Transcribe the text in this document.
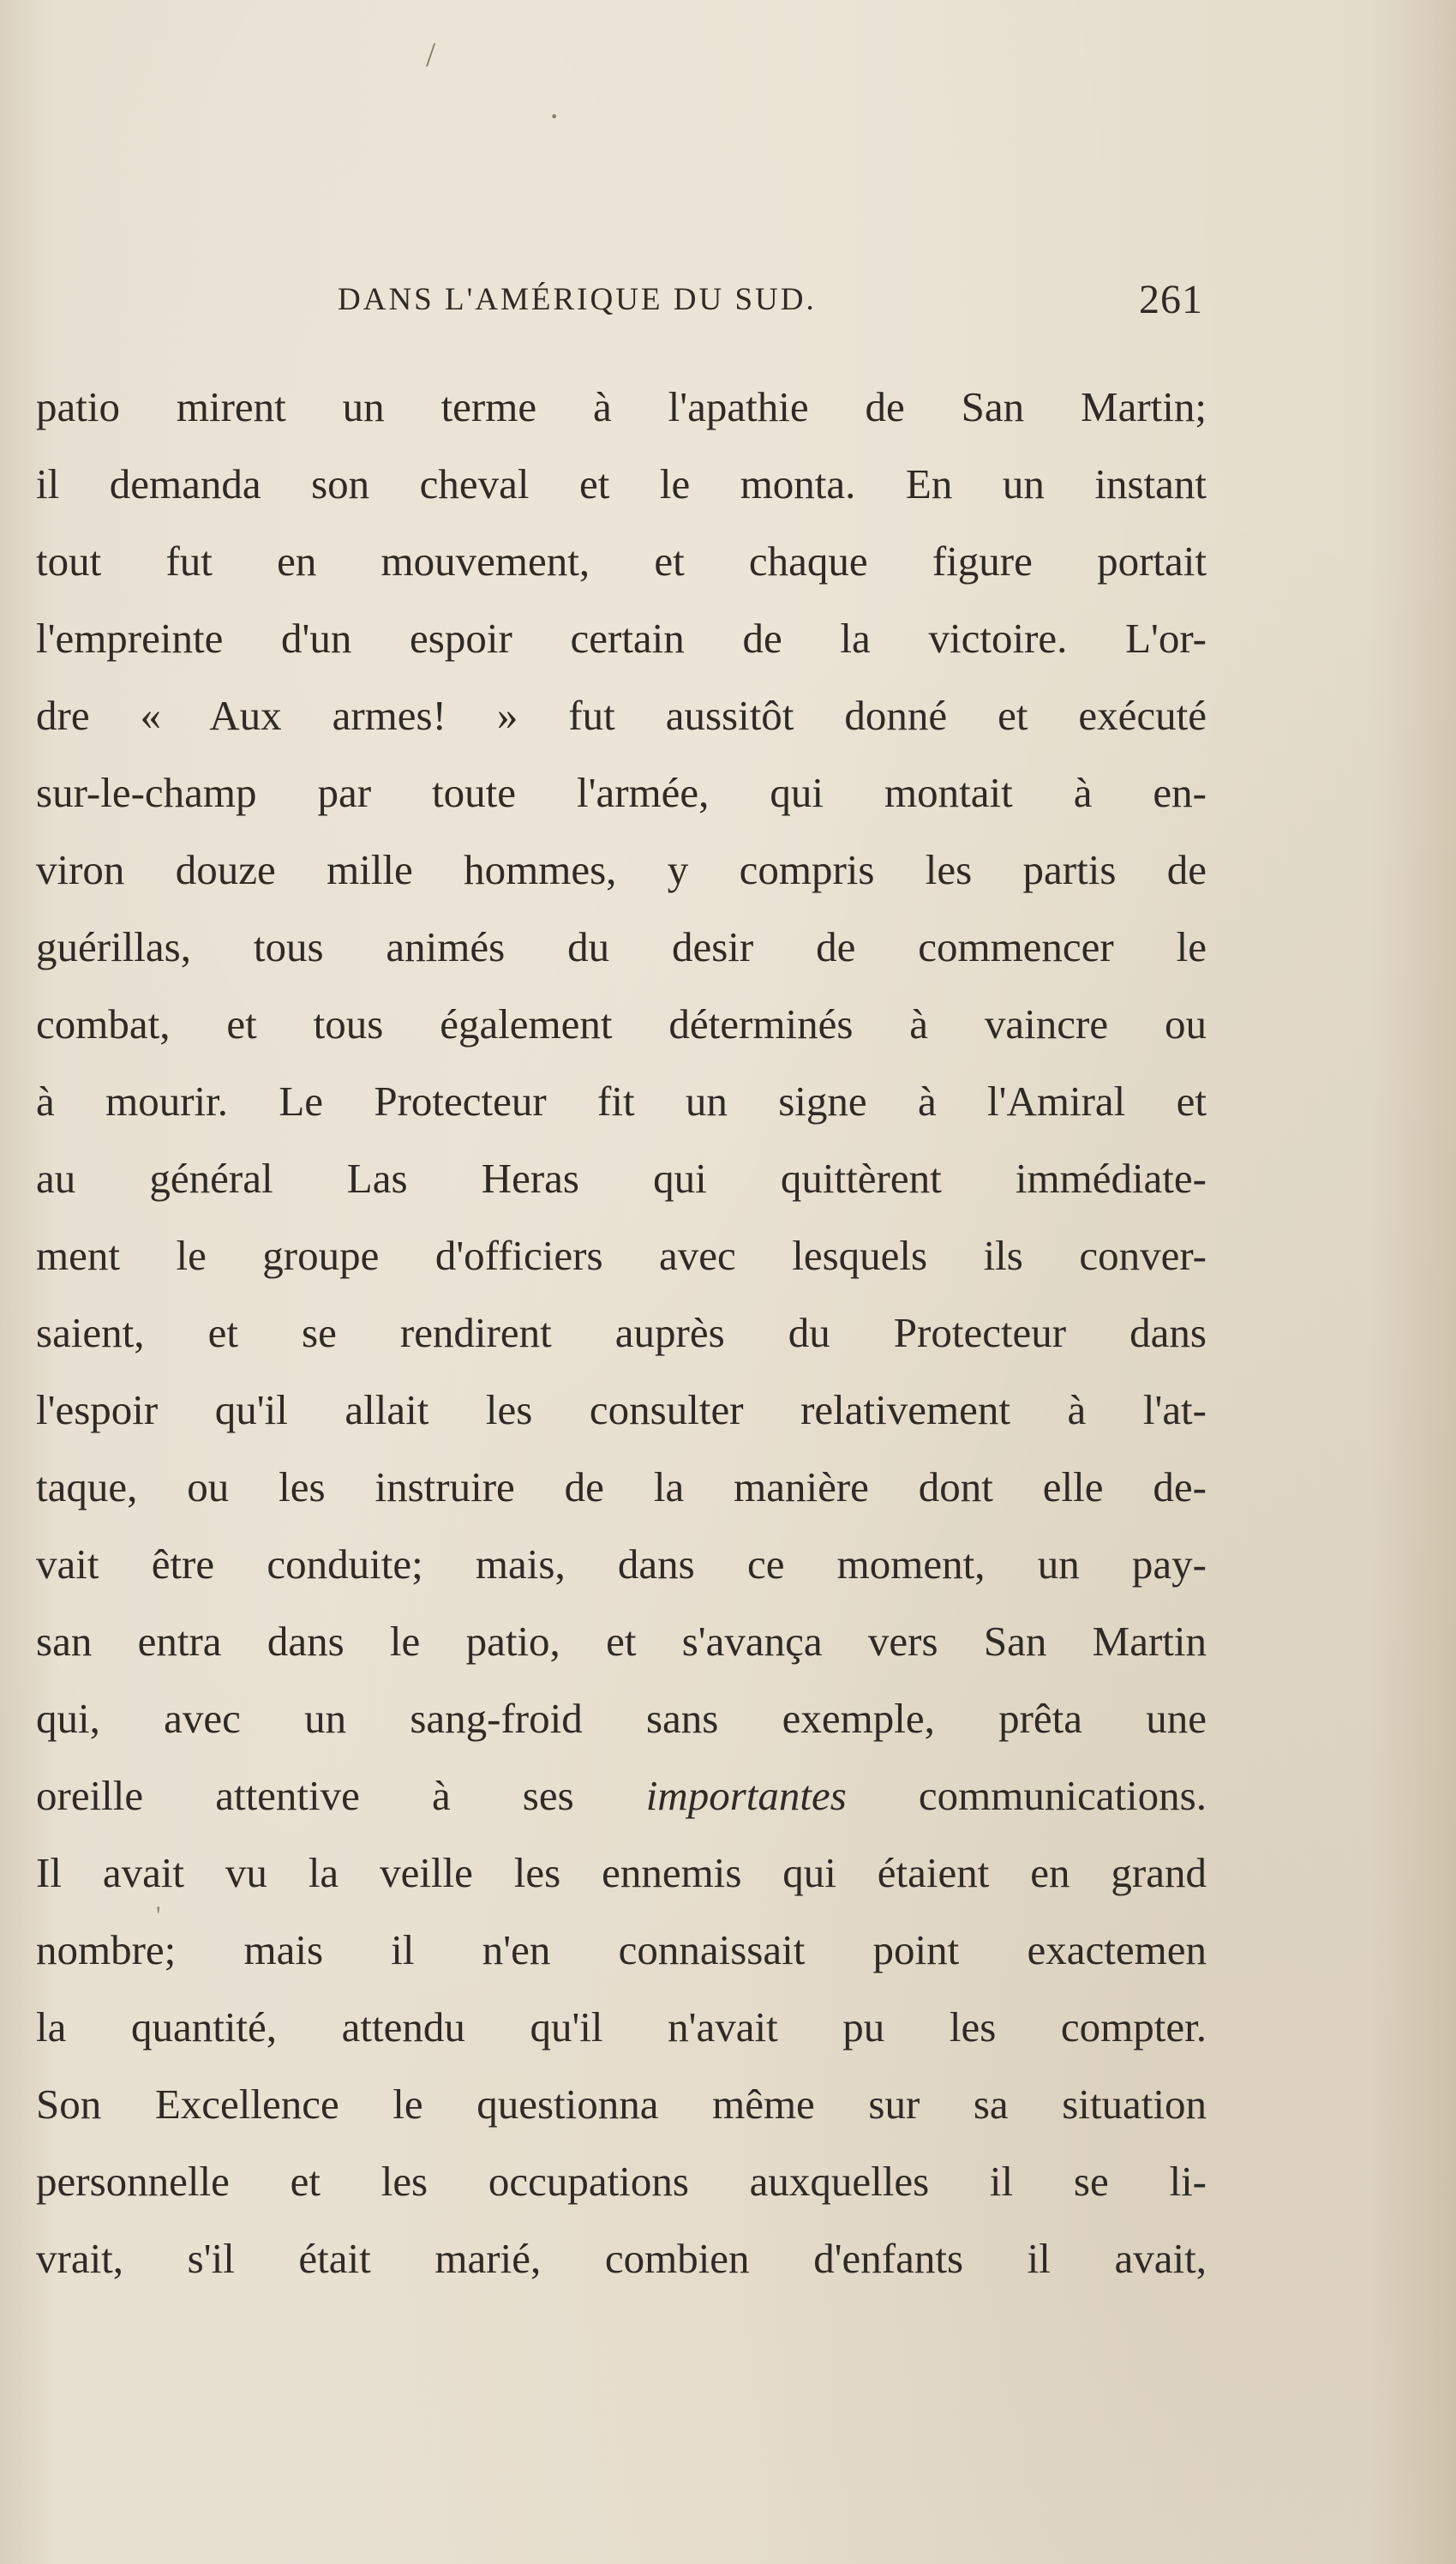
/
·
DANS L'AMÉRIQUE DU SUD.	261
patio mirent un terme à l'apathie de San Martin;
il demanda son cheval et le monta. En un instant
tout fut en mouvement, et chaque figure portait
l'empreinte d'un espoir certain de la victoire. L'or-
dre « Aux armes! » fut aussitôt donné et exécuté
sur-le-champ par toute l'armée, qui montait à en-
viron douze mille hommes, y compris les partis de
guérillas, tous animés du desir de commencer le
combat, et tous également déterminés à vaincre ou
à mourir. Le Protecteur fit un signe à l'Amiral et
au général Las Heras qui quittèrent immédiate-
ment le groupe d'officiers avec lesquels ils conver-
saient, et se rendirent auprès du Protecteur dans
l'espoir qu'il allait les consulter relativement à l'at-
taque, ou les instruire de la manière dont elle de-
vait être conduite; mais, dans ce moment, un pay-
san entra dans le patio, et s'avança vers San Martin
qui, avec un sang-froid sans exemple, prêta une
oreille attentive à ses importantes communications.
Il avait vu la veille les ennemis qui étaient en grand
nombre; mais il n'en connaissait point exactemen
la quantité, attendu qu'il n'avait pu les compter.
Son Excellence le questionna même sur sa situation
personnelle et les occupations auxquelles il se li-
vrait, s'il était marié, combien d'enfants il avait,
'
